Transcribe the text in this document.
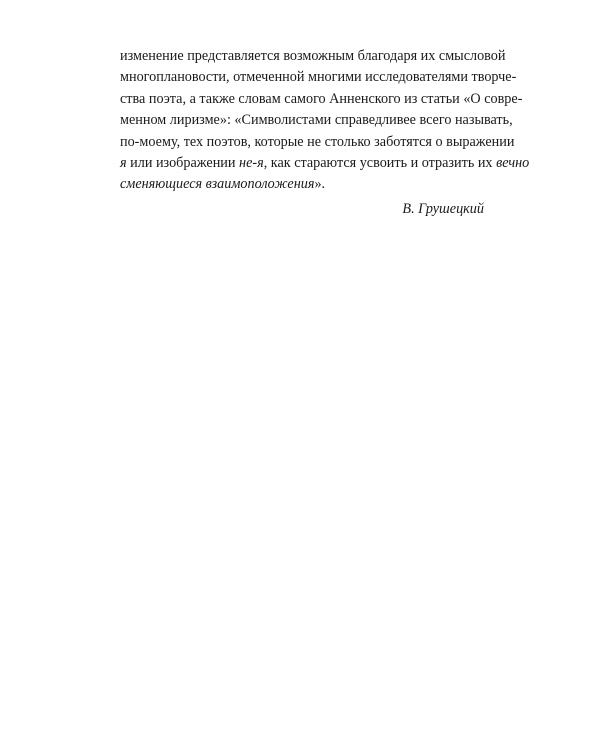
изменение представляется возможным благодаря их смысловой
многоплановости, отмеченной многими исследователями творче-
ства поэта, а также словам самого Анненского из статьи «О совре-
менном лиризме»: «Символистами справедливее всего называть,
по-моему, тех поэтов, которые не столько заботятся о выражении
я или изображении не-я, как стараются усвоить и отразить их вечно
сменяющиеся взаимоположения».
В. Грушецкий
